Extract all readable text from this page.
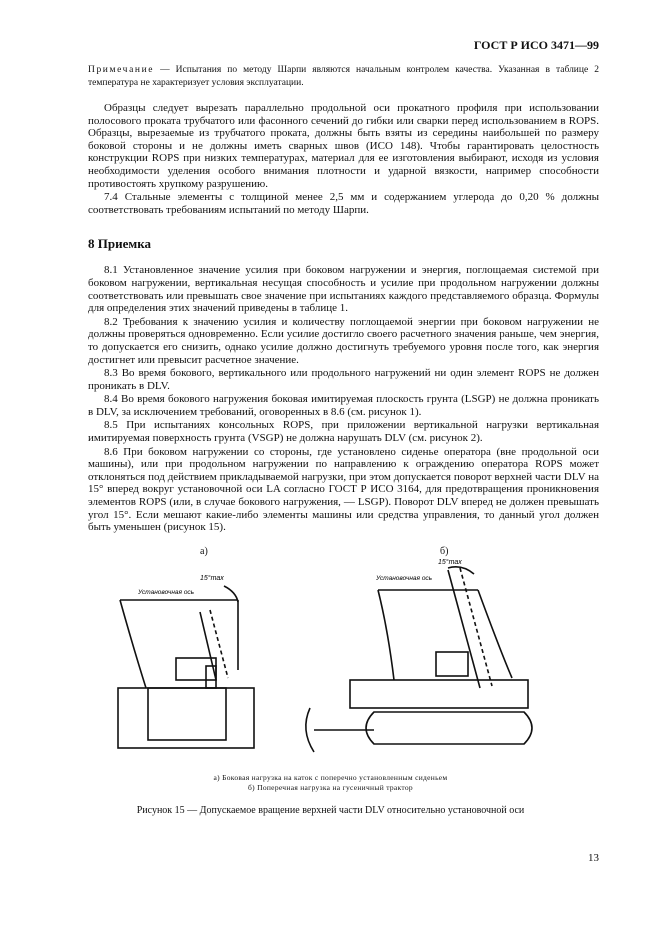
ГОСТ Р ИСО 3471—99
Примечание — Испытания по методу Шарпи являются начальным контролем качества. Указанная в таблице 2 температура не характеризует условия эксплуатации.

Образцы следует вырезать параллельно продольной оси прокатного профиля при использовании полосового проката трубчатого или фасонного сечений до гибки или сварки перед использованием в ROPS. Образцы, вырезаемые из трубчатого проката, должны быть взяты из середины наибольшей по размеру боковой стороны и не должны иметь сварных швов (ИСО 148). Чтобы гарантировать целостность конструкции ROPS при низких температурах, материал для ее изготовления выбирают, исходя из условия необходимости уделения особого внимания плотности и ударной вязкости, например способности противостоять хрупкому разрушению.

7.4 Стальные элементы с толщиной менее 2,5 мм и содержанием углерода до 0,20 % должны соответствовать требованиям испытаний по методу Шарпи.

8 Приемка

8.1 Установленное значение усилия при боковом нагружении и энергия, поглощаемая системой при боковом нагружении, вертикальная несущая способность и усилие при продольном нагружении должны соответствовать или превышать свое значение при испытаниях каждого представляемого образца. Формулы для определения этих значений приведены в таблице 1.

8.2 Требования к значению усилия и количеству поглощаемой энергии при боковом нагружении не должны проверяться одновременно. Если усилие достигло своего расчетного значения раньше, чем энергия, то допускается его снизить, однако усилие должно достигнуть требуемого уровня после того, как энергия достигнет или превысит расчетное значение.

8.3 Во время бокового, вертикального или продольного нагружений ни один элемент ROPS не должен проникать в DLV.

8.4 Во время бокового нагружения боковая имитируемая плоскость грунта (LSGP) не должна проникать в DLV, за исключением требований, оговоренных в 8.6 (см. рисунок 1).

8.5 При испытаниях консольных ROPS, при приложении вертикальной нагрузки вертикальная имитируемая поверхность грунта (VSGP) не должна нарушать DLV (см. рисунок 2).

8.6 При боковом нагружении со стороны, где установлено сиденье оператора (вне продольной оси машины), или при продольном нагружении по направлению к ограждению оператора ROPS может отклоняться под действием прикладываемой нагрузки, при этом допускается поворот верхней части DLV на 15° вперед вокруг установочной оси LA согласно ГОСТ Р ИСО 3164, для предотвращения проникновения элементов ROPS (или, в случае бокового нагружения, — LSGP). Поворот DLV вперед не должен превышать угол 15°. Если мешают какие-либо элементы машины или средства управления, то данный угол должен быть уменьшен (рисунок 15).

а)	б)
15°max
Установочная ось
15°max
Установочная ось
а) Боковая нагрузка на каток с поперечно установленным сиденьем
б) Поперечная нагрузка на гусеничный трактор
Рисунок 15 — Допускаемое вращение верхней части DLV относительно установочной оси
13
